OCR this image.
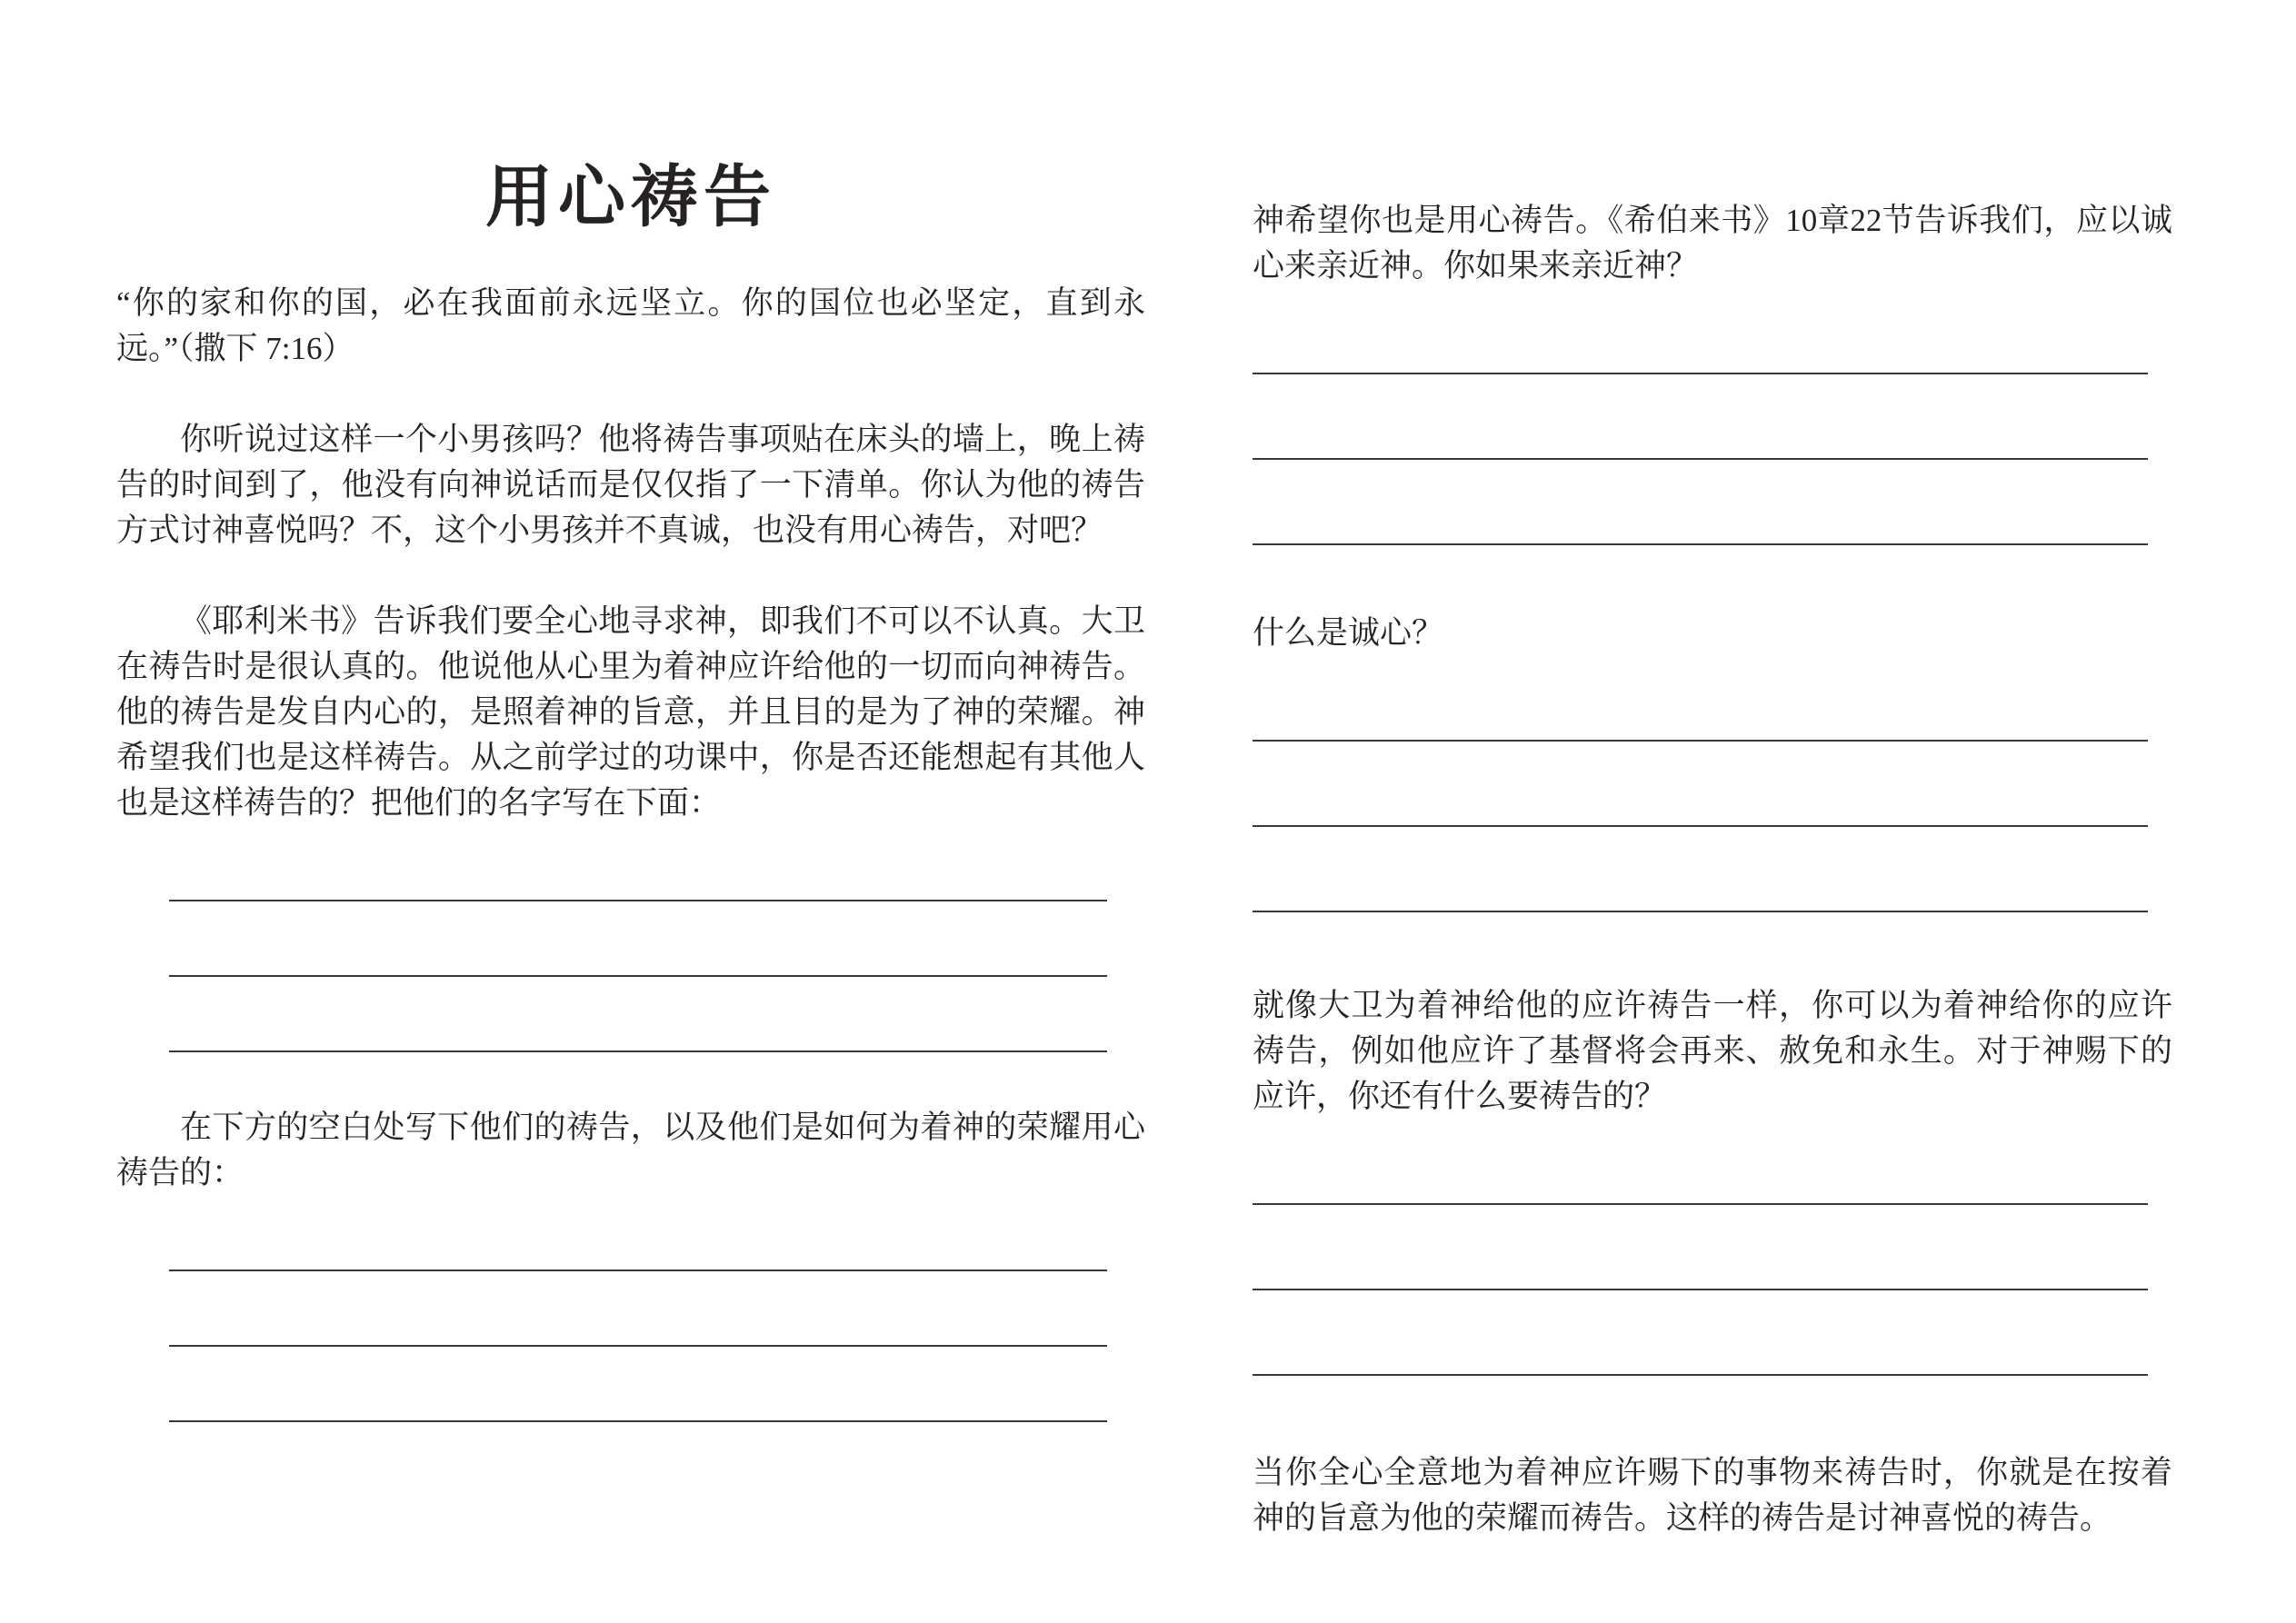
用心祷告

“你的家和你的国，必在我面前永远坚立。你的国位也必坚定，直到永远。”（撒下 7:16）

你听说过这样一个小男孩吗？他将祷告事项贴在床头的墙上，晚上祷告的时间到了，他没有向神说话而是仅仅指了一下清单。你认为他的祷告方式讨神喜悦吗？不，这个小男孩并不真诚，也没有用心祷告，对吧？

《耶利米书》告诉我们要全心地寻求神，即我们不可以不认真。大卫在祷告时是很认真的。他说他从心里为着神应许给他的一切而向神祷告。他的祷告是发自内心的，是照着神的旨意，并且目的是为了神的荣耀。神希望我们也是这样祷告。从之前学过的功课中，你是否还能想起有其他人也是这样祷告的？把他们的名字写在下面：

在下方的空白处写下他们的祷告，以及他们是如何为着神的荣耀用心祷告的：

神希望你也是用心祷告。《希伯来书》10章22节告诉我们，应以诚心来亲近神。你如果来亲近神？

什么是诚心？

就像大卫为着神给他的应许祷告一样，你可以为着神给你的应许祷告，例如他应许了基督将会再来、赦免和永生。对于神赐下的应许，你还有什么要祷告的？

当你全心全意地为着神应许赐下的事物来祷告时，你就是在按着神的旨意为他的荣耀而祷告。这样的祷告是讨神喜悦的祷告。
